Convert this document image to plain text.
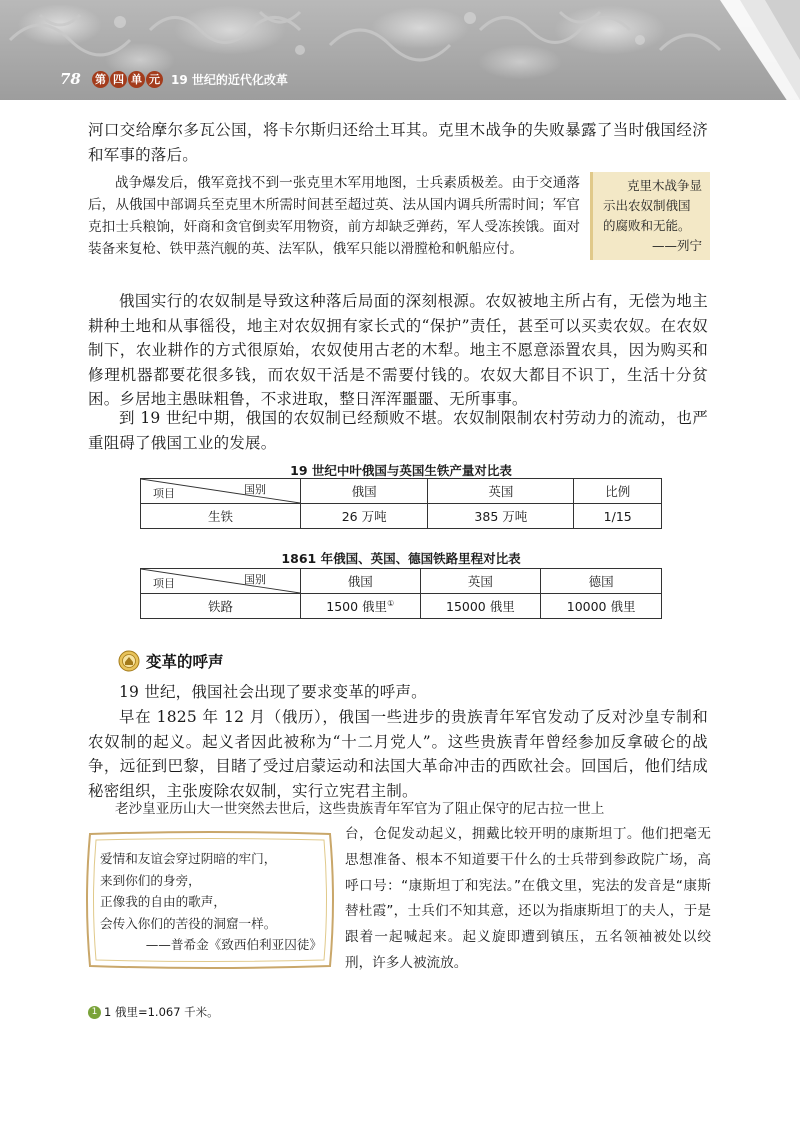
78	第 四 单 元 19 世纪的近代化改革

河口交给摩尔多瓦公国，将卡尔斯归还给土耳其。克里木战争的失败暴露了当时俄国经济和军事的落后。

战争爆发后，俄军竟找不到一张克里木军用地图，士兵素质极差。由于交通落后，从俄国中部调兵至克里木所需时间甚至超过英、法从国内调兵所需时间；军官克扣士兵粮饷，奸商和贪官倒卖军用物资，前方却缺乏弹药，军人受冻挨饿。面对装备来复枪、铁甲蒸汽舰的英、法军队，俄军只能以滑膛枪和帆船应付。

克里木战争显示出农奴制俄国的腐败和无能。
——列宁

俄国实行的农奴制是导致这种落后局面的深刻根源。农奴被地主所占有，无偿为地主耕种土地和从事徭役，地主对农奴拥有家长式的“保护”责任，甚至可以买卖农奴。在农奴制下，农业耕作的方式很原始，农奴使用古老的木犁。地主不愿意添置农具，因为购买和修理机器都要花很多钱，而农奴干活是不需要付钱的。农奴大都目不识丁，生活十分贫困。乡居地主愚昧粗鲁，不求进取，整日浑浑噩噩、无所事事。

到 19 世纪中期，俄国的农奴制已经颓败不堪。农奴制限制农村劳动力的流动，也严重阻碍了俄国工业的发展。

19 世纪中叶俄国与英国生铁产量对比表
国别
项目	俄国	英国	比例
生铁	26 万吨	385 万吨	1/15
1861 年俄国、英国、德国铁路里程对比表
国别
项目	俄国	英国	德国
铁路	1500 俄里①	15000 俄里	10000 俄里
变革的呼声

19 世纪，俄国社会出现了要求变革的呼声。

早在 1825 年 12 月（俄历），俄国一些进步的贵族青年军官发动了反对沙皇专制和农奴制的起义。起义者因此被称为“十二月党人”。这些贵族青年曾经参加反拿破仑的战争，远征到巴黎，目睹了受过启蒙运动和法国大革命冲击的西欧社会。回国后，他们结成秘密组织，主张废除农奴制，实行立宪君主制。

老沙皇亚历山大一世突然去世后，这些贵族青年军官为了阻止保守的尼古拉一世上

台，仓促发动起义，拥戴比较开明的康斯坦丁。他们把毫无思想准备、根本不知道要干什么的士兵带到参政院广场，高呼口号：“康斯坦丁和宪法。”在俄文里，宪法的发音是“康斯替杜霞”，士兵们不知其意，还以为指康斯坦丁的夫人，于是跟着一起喊起来。起义旋即遭到镇压，五名领袖被处以绞刑，许多人被流放。

爱情和友谊会穿过阴暗的牢门，
来到你们的身旁，
正像我的自由的歌声，
会传入你们的苦役的洞窟一样。
——普希金《致西伯利亚囚徒》
1 1 俄里=1.067 千米。
